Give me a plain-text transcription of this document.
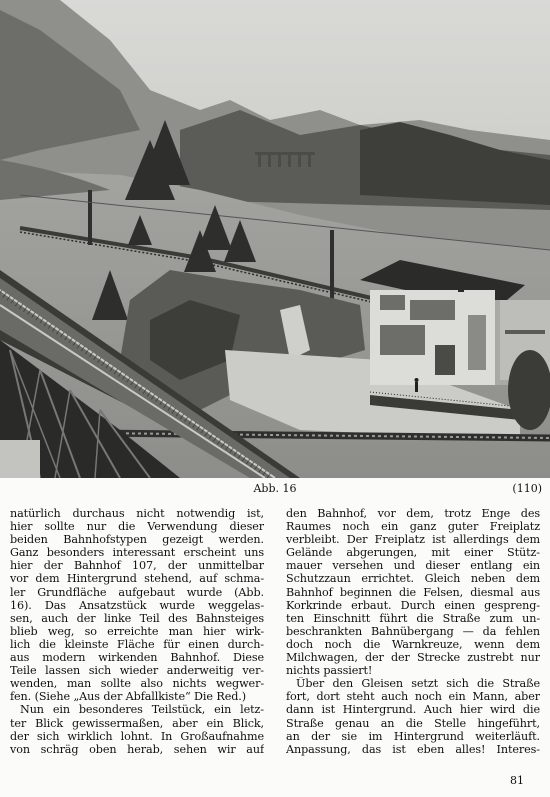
Abb. 16	(110)
natürlich durchaus nicht notwendig ist,
hier sollte nur die Verwendung dieser
beiden Bahnhofstypen gezeigt werden.
Ganz besonders interessant erscheint uns
hier der Bahnhof 107, der unmittelbar
vor dem Hintergrund stehend, auf schma-
ler Grundfläche aufgebaut wurde (Abb.
16). Das Ansatzstück wurde weggelas-
sen, auch der linke Teil des Bahnsteiges
blieb weg, so erreichte man hier wirk-
lich die kleinste Fläche für einen durch-
aus modern wirkenden Bahnhof. Diese
Teile lassen sich wieder anderweitig ver-
wenden, man sollte also nichts wegwer-
fen. (Siehe „Aus der Abfallkiste“ Die Red.)
Nun ein besonderes Teilstück, ein letz-
ter Blick gewissermaßen, aber ein Blick,
der sich wirklich lohnt. In Großaufnahme
von schräg oben herab, sehen wir auf
den Bahnhof, vor dem, trotz Enge des
Raumes noch ein ganz guter Freiplatz
verbleibt. Der Freiplatz ist allerdings dem
Gelände abgerungen, mit einer Stütz-
mauer versehen und dieser entlang ein
Schutzzaun errichtet. Gleich neben dem
Bahnhof beginnen die Felsen, diesmal aus
Korkrinde erbaut. Durch einen gespreng-
ten Einschnitt führt die Straße zum un-
beschrankten Bahnübergang — da fehlen
doch noch die Warnkreuze, wenn dem
Milchwagen, der der Strecke zustrebt nur
nichts passiert!
Über den Gleisen setzt sich die Straße
fort, dort steht auch noch ein Mann, aber
dann ist Hintergrund. Auch hier wird die
Straße genau an die Stelle hingeführt,
an der sie im Hintergrund weiterläuft.
Anpassung, das ist eben alles! Interes-
81
